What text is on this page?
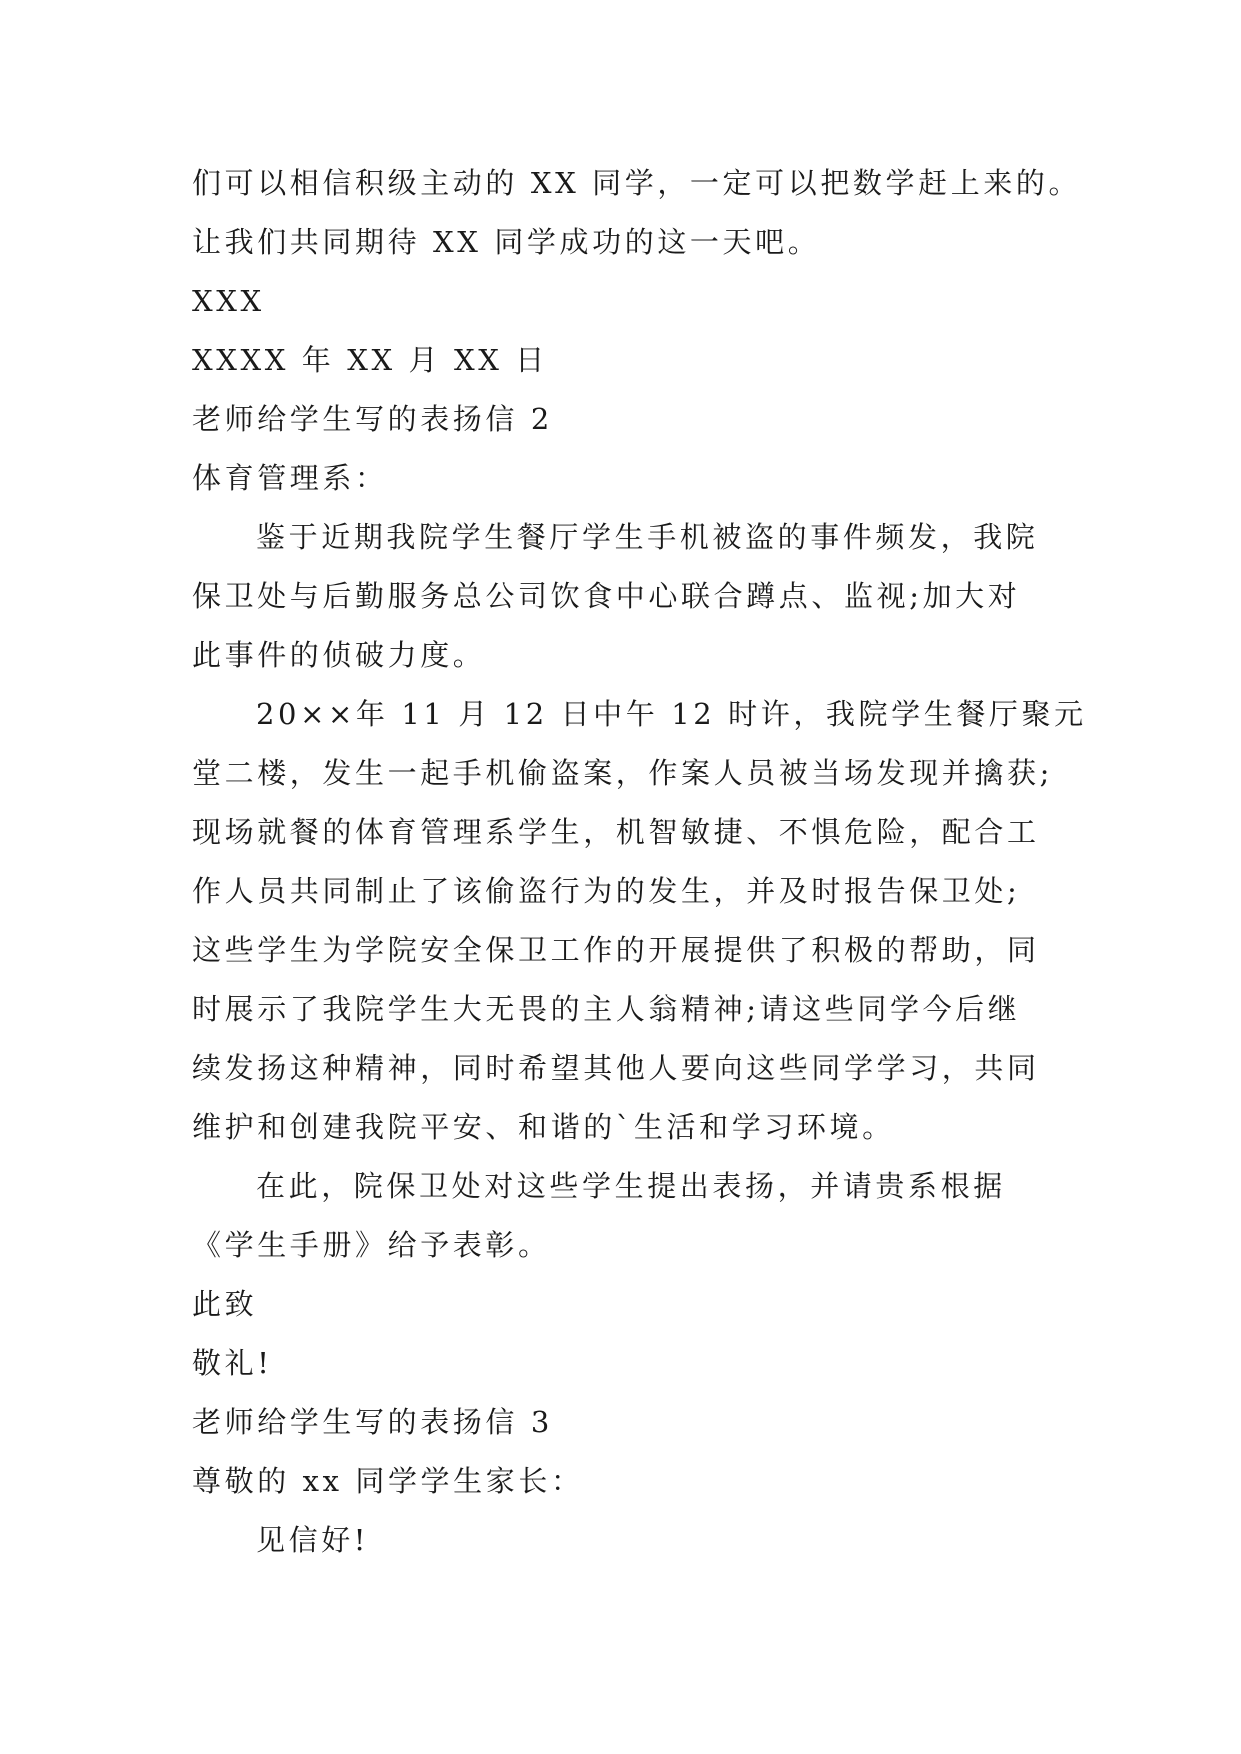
们可以相信积级主动的 XX 同学，一定可以把数学赶上来的。
让我们共同期待 XX 同学成功的这一天吧。
XXX
XXXX 年 XX 月 XX 日
老师给学生写的表扬信 2
体育管理系：
鉴于近期我院学生餐厅学生手机被盗的事件频发，我院
保卫处与后勤服务总公司饮食中心联合蹲点、监视;加大对
此事件的侦破力度。
20××年 11 月 12 日中午 12 时许，我院学生餐厅聚元
堂二楼，发生一起手机偷盗案，作案人员被当场发现并擒获;
现场就餐的体育管理系学生，机智敏捷、不惧危险，配合工
作人员共同制止了该偷盗行为的发生，并及时报告保卫处;
这些学生为学院安全保卫工作的开展提供了积极的帮助，同
时展示了我院学生大无畏的主人翁精神;请这些同学今后继
续发扬这种精神，同时希望其他人要向这些同学学习，共同
维护和创建我院平安、和谐的`生活和学习环境。
在此，院保卫处对这些学生提出表扬，并请贵系根据
《学生手册》给予表彰。
此致
敬礼!
老师给学生写的表扬信 3
尊敬的 xx 同学学生家长：
见信好!
